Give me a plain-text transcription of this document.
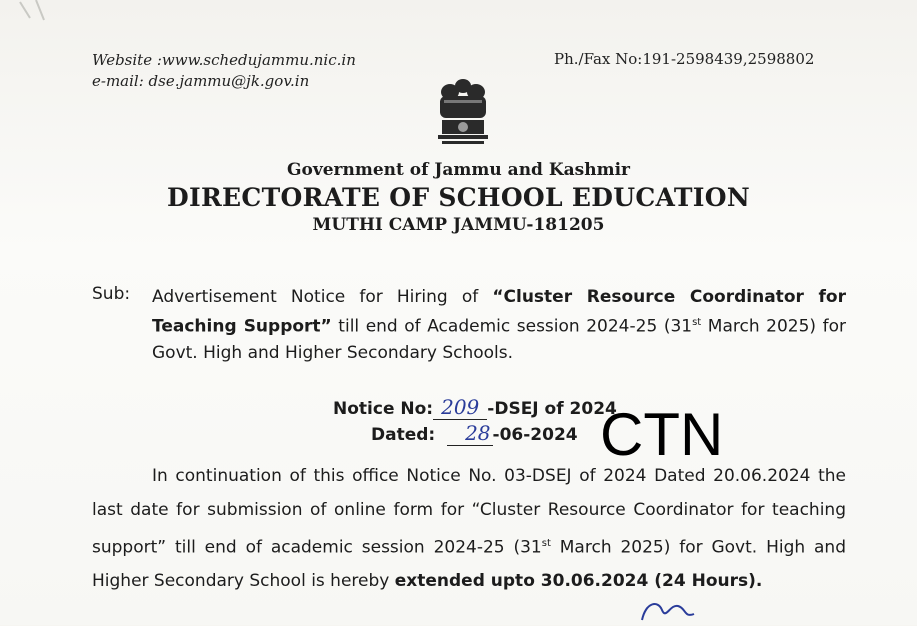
Website :www.schedujammu.nic.in
e-mail: dse.jammu@jk.gov.in
Ph./Fax No:191-2598439,2598802
Government of Jammu and Kashmir
DIRECTORATE OF SCHOOL EDUCATION
MUTHI CAMP JAMMU-181205
Sub: Advertisement Notice for Hiring of “Cluster Resource Coordinator for Teaching Support” till end of Academic session 2024-25 (31st March 2025) for Govt. High and Higher Secondary Schools.
Notice No: 209 -DSEJ of 2024
Dated: 28 -06-2024 CTN
In continuation of this office Notice No. 03-DSEJ of 2024 Dated 20.06.2024 the last date for submission of online form for “Cluster Resource Coordinator for teaching support” till end of academic session 2024-25 (31st March 2025) for Govt. High and Higher Secondary School is hereby extended upto 30.06.2024 (24 Hours).
